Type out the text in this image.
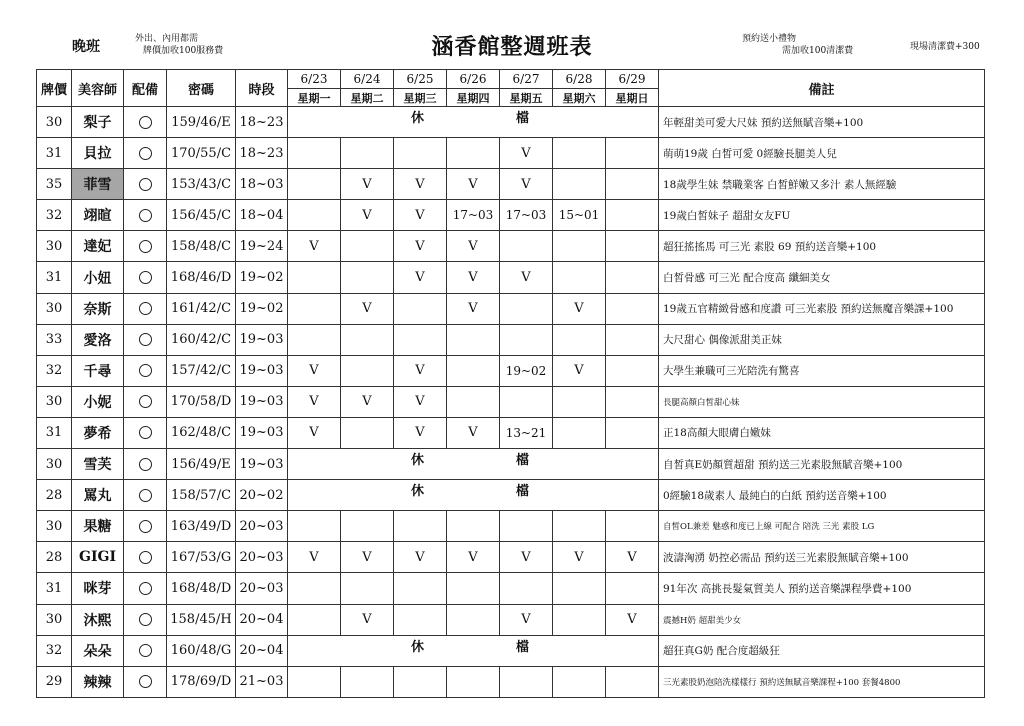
晚班	外出、內用都需
牌價加收100服務費	涵香館整週班表	預約送小禮物
需加收100清潔費	現場清潔費+300
牌價	美容師	配備	密碼	時段	6/23	6/24	6/25	6/26	6/27	6/28	6/29	備註
					星期一	星期二	星期三	星期四	星期五	星期六	星期日	
30	梨子		159/46/E	18~23	休 檔							年輕甜美可愛大尺妹 預約送無賦音樂+100
31	貝拉		170/55/C	18~23					V			萌萌19歲 白皙可愛 0經驗長腿美人兒
35	菲雪		153/43/C	18~03		V	V	V	V			18歲學生妹 禁職業客 白皙鮮嫩又多汁 素人無經驗
32	翊暄		156/45/C	18~04		V	V	17~03	17~03	15~01		19歲白皙妹子 超甜女友FU
30	達妃		158/48/C	19~24	V		V	V				超狂搖搖馬 可三光 素股 69 預約送音樂+100
31	小妞		168/46/D	19~02			V	V	V			白皙骨感 可三光 配合度高 纖細美女
30	奈斯		161/42/C	19~02		V		V		V		19歲五官精緻骨感和度讚 可三光素股 預約送無魔音樂課+100
33	愛洛		160/42/C	19~03								大尺甜心 偶像派甜美正妹
32	千尋		157/42/C	19~03	V		V		19~02	V		大學生兼職可三光陪洗有驚喜
30	小妮		170/58/D	19~03	V	V	V					長腿高顏白皙甜心妹
31	夢希		162/48/C	19~03	V		V	V	13~21			正18高顏大眼膚白嫩妹
30	雪芙		156/49/E	19~03	休 檔							自皙真E奶顏質超甜 預約送三光素股無賦音樂+100
28	罵丸		158/57/C	20~02	休 檔							0經驗18歲素人 最純白的白紙 預約送音樂+100
30	果糖		163/49/D	20~03								自皙OL兼差 魅惑和度已上線 可配合 陪洗 三光 素股 LG
28	GIGI		167/53/G	20~03	V	V	V	V	V	V	V	波濤洶湧 奶控必需品 預約送三光素股無賦音樂+100
31	咪芽		168/48/D	20~03								91年次 高挑長髮氣質美人 預約送音樂課程學費+100
30	沐熙		158/45/H	20~04		V			V		V	震撼H奶 超甜美少女
32	朵朵		160/48/G	20~04	休 檔							超狂真G奶 配合度超級狂
29	辣辣		178/69/D	21~03								三光素股奶泡陪洗樣樣行 預約送無賦音樂課程+100 套餐4800
